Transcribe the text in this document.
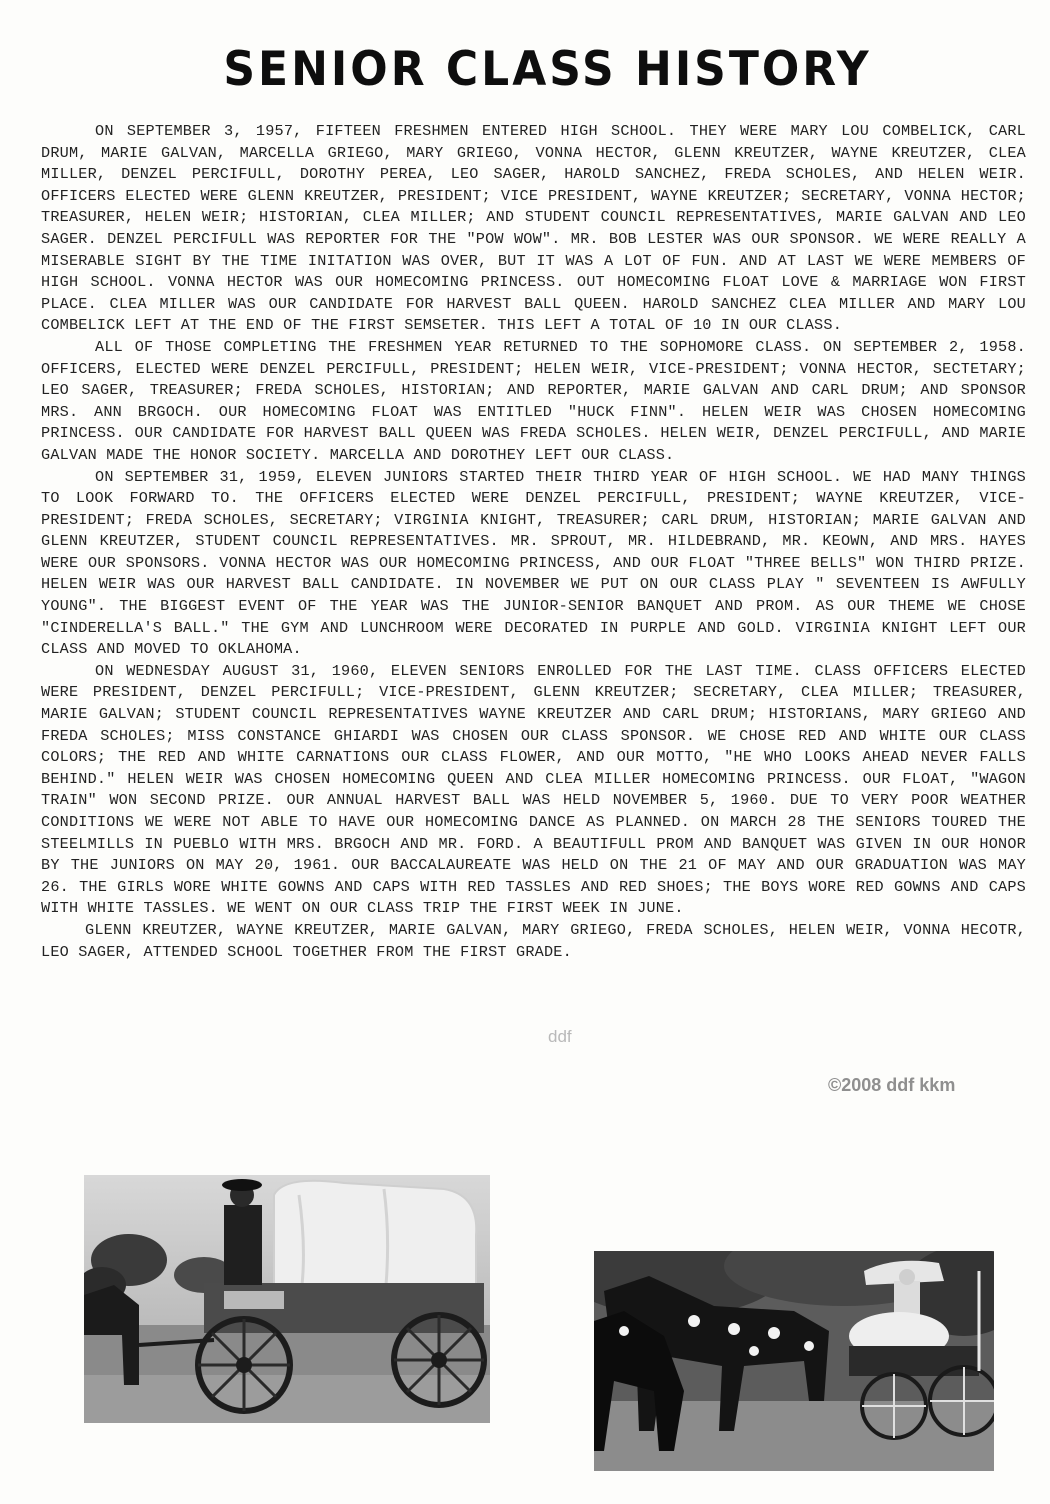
SENIOR CLASS HISTORY

ON SEPTEMBER 3, 1957, FIFTEEN FRESHMEN ENTERED HIGH SCHOOL. THEY WERE MARY LOU COMBELICK, CARL DRUM, MARIE GALVAN, MARCELLA GRIEGO, MARY GRIEGO, VONNA HECTOR, GLENN KREUTZER, WAYNE KREUTZER, CLEA MILLER, DENZEL PERCIFULL, DOROTHY PEREA, LEO SAGER, HAROLD SANCHEZ, FREDA SCHOLES, AND HELEN WEIR. OFFICERS ELECTED WERE GLENN KREUTZER, PRESIDENT; VICE PRESIDENT, WAYNE KREUTZER; SECRETARY, VONNA HECTOR; TREASURER, HELEN WEIR; HISTORIAN, CLEA MILLER; AND STUDENT COUNCIL REPRESENTATIVES, MARIE GALVAN AND LEO SAGER. DENZEL PERCIFULL WAS REPORTER FOR THE "POW WOW". MR. BOB LESTER WAS OUR SPONSOR. WE WERE REALLY A MISERABLE SIGHT BY THE TIME INITATION WAS OVER, BUT IT WAS A LOT OF FUN. AND AT LAST WE WERE MEMBERS OF HIGH SCHOOL. VONNA HECTOR WAS OUR HOMECOMING PRINCESS. OUT HOMECOMING FLOAT LOVE & MARRIAGE WON FIRST PLACE. CLEA MILLER WAS OUR CANDIDATE FOR HARVEST BALL QUEEN. HAROLD SANCHEZ CLEA MILLER AND MARY LOU COMBELICK LEFT AT THE END OF THE FIRST SEMSETER. THIS LEFT A TOTAL OF 10 IN OUR CLASS.

ALL OF THOSE COMPLETING THE FRESHMEN YEAR RETURNED TO THE SOPHOMORE CLASS. ON SEPTEMBER 2, 1958. OFFICERS, ELECTED WERE DENZEL PERCIFULL, PRESIDENT; HELEN WEIR, VICE-PRESIDENT; VONNA HECTOR, SECTETARY; LEO SAGER, TREASURER; FREDA SCHOLES, HISTORIAN; AND REPORTER, MARIE GALVAN AND CARL DRUM; AND SPONSOR MRS. ANN BRGOCH. OUR HOMECOMING FLOAT WAS ENTITLED "HUCK FINN". HELEN WEIR WAS CHOSEN HOMECOMING PRINCESS. OUR CANDIDATE FOR HARVEST BALL QUEEN WAS FREDA SCHOLES. HELEN WEIR, DENZEL PERCIFULL, AND MARIE GALVAN MADE THE HONOR SOCIETY. MARCELLA AND DOROTHEY LEFT OUR CLASS.

ON SEPTEMBER 31, 1959, ELEVEN JUNIORS STARTED THEIR THIRD YEAR OF HIGH SCHOOL. WE HAD MANY THINGS TO LOOK FORWARD TO. THE OFFICERS ELECTED WERE DENZEL PERCIFULL, PRESIDENT; WAYNE KREUTZER, VICE-PRESIDENT; FREDA SCHOLES, SECRETARY; VIRGINIA KNIGHT, TREASURER; CARL DRUM, HISTORIAN; MARIE GALVAN AND GLENN KREUTZER, STUDENT COUNCIL REPRESENTATIVES. MR. SPROUT, MR. HILDEBRAND, MR. KEOWN, AND MRS. HAYES WERE OUR SPONSORS. VONNA HECTOR WAS OUR HOMECOMING PRINCESS, AND OUR FLOAT "THREE BELLS" WON THIRD PRIZE. HELEN WEIR WAS OUR HARVEST BALL CANDIDATE. IN NOVEMBER WE PUT ON OUR CLASS PLAY " SEVENTEEN IS AWFULLY YOUNG". THE BIGGEST EVENT OF THE YEAR WAS THE JUNIOR-SENIOR BANQUET AND PROM. AS OUR THEME WE CHOSE "CINDERELLA'S BALL." THE GYM AND LUNCHROOM WERE DECORATED IN PURPLE AND GOLD. VIRGINIA KNIGHT LEFT OUR CLASS AND MOVED TO OKLAHOMA.

ON WEDNESDAY AUGUST 31, 1960, ELEVEN SENIORS ENROLLED FOR THE LAST TIME. CLASS OFFICERS ELECTED WERE PRESIDENT, DENZEL PERCIFULL; VICE-PRESIDENT, GLENN KREUTZER; SECRETARY, CLEA MILLER; TREASURER, MARIE GALVAN; STUDENT COUNCIL REPRESENTATIVES WAYNE KREUTZER AND CARL DRUM; HISTORIANS, MARY GRIEGO AND FREDA SCHOLES; MISS CONSTANCE GHIARDI WAS CHOSEN OUR CLASS SPONSOR. WE CHOSE RED AND WHITE OUR CLASS COLORS; THE RED AND WHITE CARNATIONS OUR CLASS FLOWER, AND OUR MOTTO, "HE WHO LOOKS AHEAD NEVER FALLS BEHIND." HELEN WEIR WAS CHOSEN HOMECOMING QUEEN AND CLEA MILLER HOMECOMING PRINCESS. OUR FLOAT, "WAGON TRAIN" WON SECOND PRIZE. OUR ANNUAL HARVEST BALL WAS HELD NOVEMBER 5, 1960. DUE TO VERY POOR WEATHER CONDITIONS WE WERE NOT ABLE TO HAVE OUR HOMECOMING DANCE AS PLANNED. ON MARCH 28 THE SENIORS TOURED THE STEELMILLS IN PUEBLO WITH MRS. BRGOCH AND MR. FORD. A BEAUTIFULL PROM AND BANQUET WAS GIVEN IN OUR HONOR BY THE JUNIORS ON MAY 20, 1961. OUR BACCALAUREATE WAS HELD ON THE 21 OF MAY AND OUR GRADUATION WAS MAY 26. THE GIRLS WORE WHITE GOWNS AND CAPS WITH RED TASSLES AND RED SHOES; THE BOYS WORE RED GOWNS AND CAPS WITH WHITE TASSLES. WE WENT ON OUR CLASS TRIP THE FIRST WEEK IN JUNE.

GLENN KREUTZER, WAYNE KREUTZER, MARIE GALVAN, MARY GRIEGO, FREDA SCHOLES, HELEN WEIR, VONNA HECOTR, LEO SAGER, ATTENDED SCHOOL TOGETHER FROM THE FIRST GRADE.

ddf
©2008 ddf kkm
